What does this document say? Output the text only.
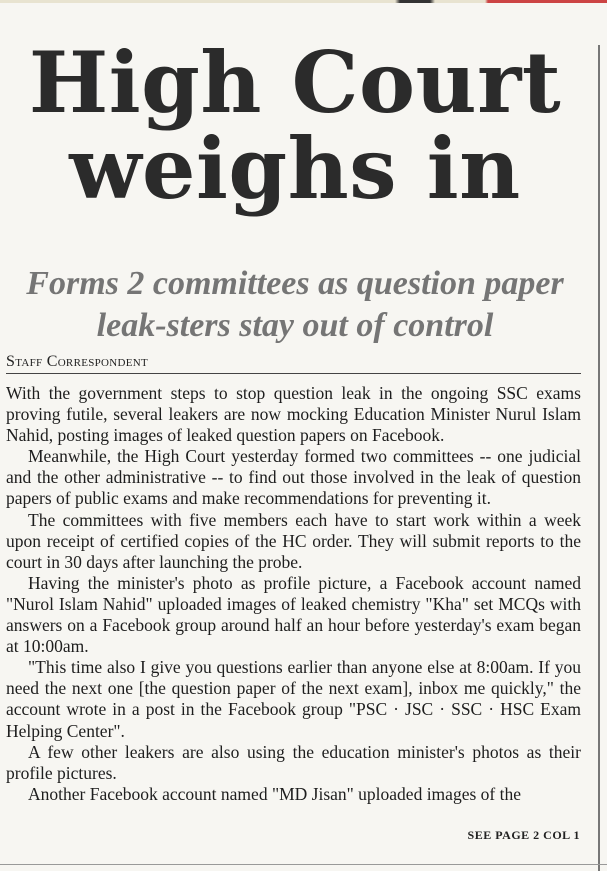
High Court
weighs in
Forms 2 committees as question paper
leak-sters stay out of control
Staff Correspondent

With the government steps to stop question leak in the ongoing SSC exams proving futile, several leakers are now mocking Education Minister Nurul Islam Nahid, posting images of leaked question papers on Facebook.

Meanwhile, the High Court yesterday formed two committees -- one judicial and the other administrative -- to find out those involved in the leak of question papers of public exams and make recommendations for preventing it.

The committees with five members each have to start work within a week upon receipt of certified copies of the HC order. They will submit reports to the court in 30 days after launching the probe.

Having the minister's photo as profile picture, a Facebook account named "Nurol Islam Nahid" uploaded images of leaked chemistry "Kha" set MCQs with answers on a Facebook group around half an hour before yesterday's exam began at 10:00am.

"This time also I give you questions earlier than anyone else at 8:00am. If you need the next one [the question paper of the next exam], inbox me quickly," the account wrote in a post in the Facebook group "PSC · JSC · SSC · HSC Exam Helping Center".

A few other leakers are also using the education minister's photos as their profile pictures.

Another Facebook account named "MD Jisan" uploaded images of the

SEE PAGE 2 COL 1
